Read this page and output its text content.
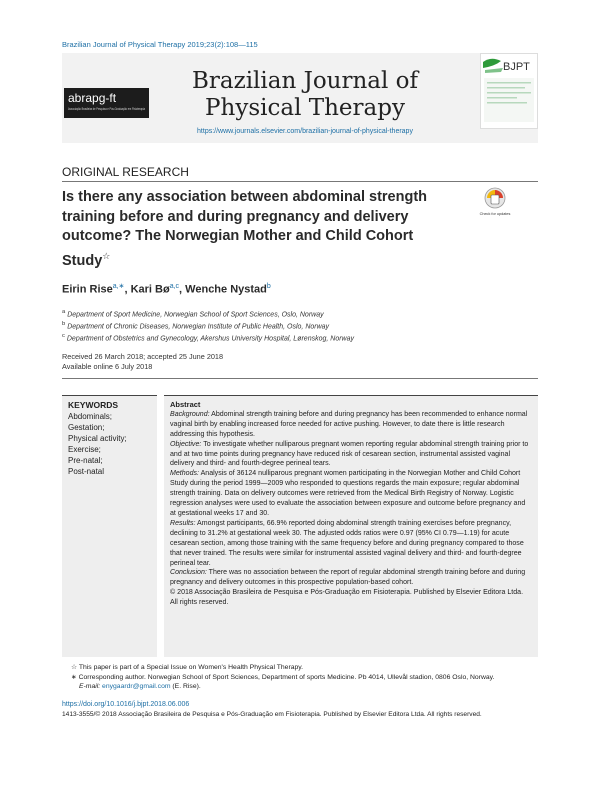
Brazilian Journal of Physical Therapy 2019;23(2):108—115
abrapg-ft
Associação Brasileira de Pesquisa e Pós-Graduação em Fisioterapia
Brazilian Journal of
Physical Therapy
https://www.journals.elsevier.com/brazilian-journal-of-physical-therapy
BJPT
ORIGINAL RESEARCH
Is there any association between abdominal strength training before and during pregnancy and delivery outcome? The Norwegian Mother and Child Cohort Study☆
Check for updates
Eirin Rise$^{a,∗}$, Kari Bø$^{a,c}$, Wenche Nystad$^b$
$^a$ Department of Sport Medicine, Norwegian School of Sport Sciences, Oslo, Norway
$^b$ Department of Chronic Diseases, Norwegian Institute of Public Health, Oslo, Norway
$^c$ Department of Obstetrics and Gynecology, Akershus University Hospital, Lørenskog, Norway
Received 26 March 2018; accepted 25 June 2018
Available online 6 July 2018
KEYWORDS
Abdominals;
Gestation;
Physical activity;
Exercise;
Pre-natal;
Post-natal

Abstract

Background: Abdominal strength training before and during pregnancy has been recommended to enhance normal vaginal birth by enabling increased force needed for active pushing. However, to date there is little research addressing this hypothesis.

Objective: To investigate whether nulliparous pregnant women reporting regular abdominal strength training prior to and at two time points during pregnancy have reduced risk of cesarean section, instrumental assisted vaginal delivery and third- and fourth-degree perineal tears.

Methods: Analysis of 36124 nulliparous pregnant women participating in the Norwegian Mother and Child Cohort Study during the period 1999—2009 who responded to questions regards the main exposure; regular abdominal strength training. Data on delivery outcomes were retrieved from the Medical Birth Registry of Norway. Logistic regression analyses were used to evaluate the association between exposure and outcome before pregnancy and at gestational weeks 17 and 30.

Results: Amongst participants, 66.9% reported doing abdominal strength training exercises before pregnancy, declining to 31.2% at gestational week 30. The adjusted odds ratios were 0.97 (95% CI 0.79—1.19) for acute cesarean section, among those training with the same frequency before and during pregnancy compared to those that never trained. The results were similar for instrumental assisted vaginal delivery and third- and fourth-degree perineal tear.

Conclusion: There was no association between the report of regular abdominal strength training before and during pregnancy and delivery outcomes in this prospective population-based cohort.

© 2018 Associação Brasileira de Pesquisa e Pós-Graduação em Fisioterapia. Published by Elsevier Editora Ltda. All rights reserved.

☆ This paper is part of a Special Issue on Women's Health Physical Therapy.

∗ Corresponding author. Norwegian School of Sport Sciences, Department of sports Medicine. Pb 4014, Ullevål stadion, 0806 Oslo, Norway.

E-mail: enygaardr@gmail.com (E. Rise).

https://doi.org/10.1016/j.bjpt.2018.06.006
1413-3555/© 2018 Associação Brasileira de Pesquisa e Pós-Graduação em Fisioterapia. Published by Elsevier Editora Ltda. All rights reserved.
